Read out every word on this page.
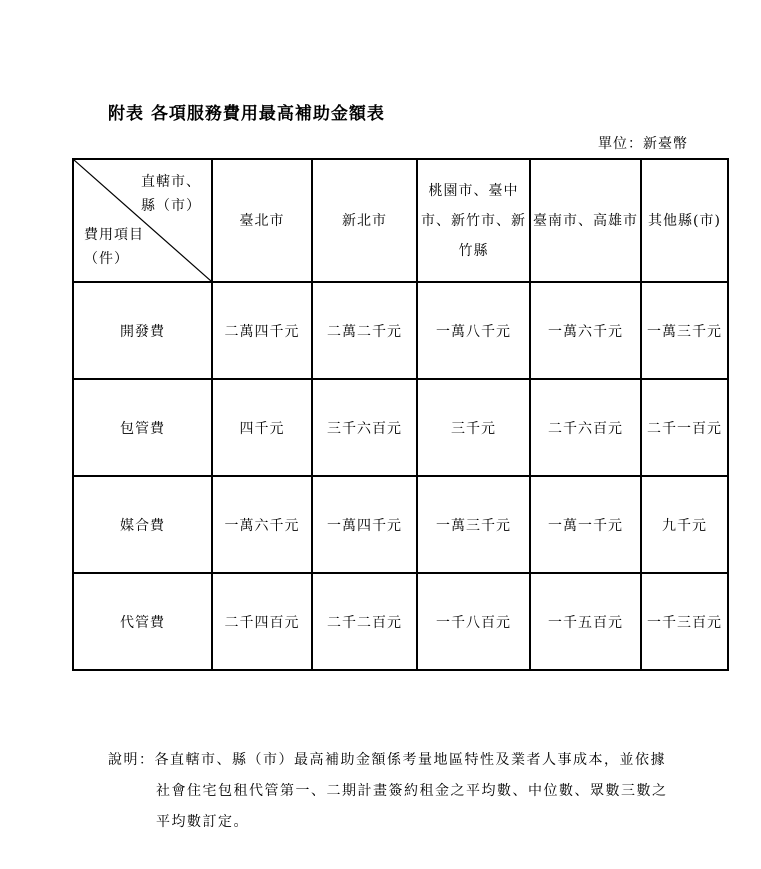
附表 各項服務費用最高補助金額表
單位：新臺幣
直轄市、
縣（市）
費用項目
（件）	臺北市	新北市	桃園市、臺中市、新竹市、新竹縣	臺南市、高雄市	其他縣(市)

開發費	二萬四千元	二萬二千元	一萬八千元	一萬六千元	一萬三千元
包管費	四千元	三千六百元	三千元	二千六百元	二千一百元
媒合費	一萬六千元	一萬四千元	一萬三千元	一萬一千元	九千元
代管費	二千四百元	二千二百元	一千八百元	一千五百元	一千三百元
說明：各直轄市、縣（市）最高補助金額係考量地區特性及業者人事成本，並依據
社會住宅包租代管第一、二期計畫簽約租金之平均數、中位數、眾數三數之
平均數訂定。
